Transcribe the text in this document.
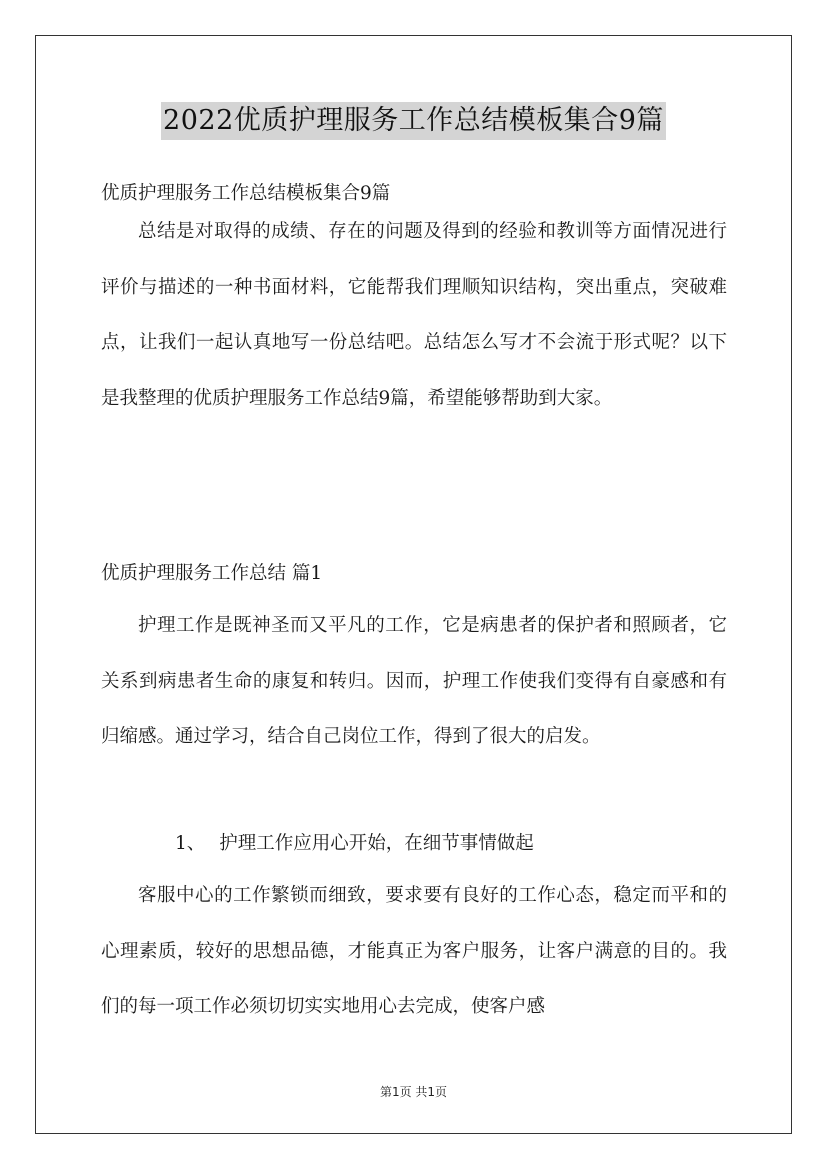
2022优质护理服务工作总结模板集合9篇
优质护理服务工作总结模板集合9篇

总结是对取得的成绩、存在的问题及得到的经验和教训等方面情况进行评价与描述的一种书面材料，它能帮我们理顺知识结构，突出重点，突破难点，让我们一起认真地写一份总结吧。总结怎么写才不会流于形式呢？以下是我整理的优质护理服务工作总结9篇，希望能够帮助到大家。

优质护理服务工作总结 篇1

护理工作是既神圣而又平凡的工作，它是病患者的保护者和照顾者，它关系到病患者生命的康复和转归。因而，护理工作使我们变得有自豪感和有归缩感。通过学习，结合自己岗位工作，得到了很大的启发。

1、 护理工作应用心开始，在细节事情做起

客服中心的工作繁锁而细致，要求要有良好的工作心态，稳定而平和的心理素质，较好的思想品德，才能真正为客户服务，让客户满意的目的。我们的每一项工作必须切切实实地用心去完成，使客户感

第1页 共1页
